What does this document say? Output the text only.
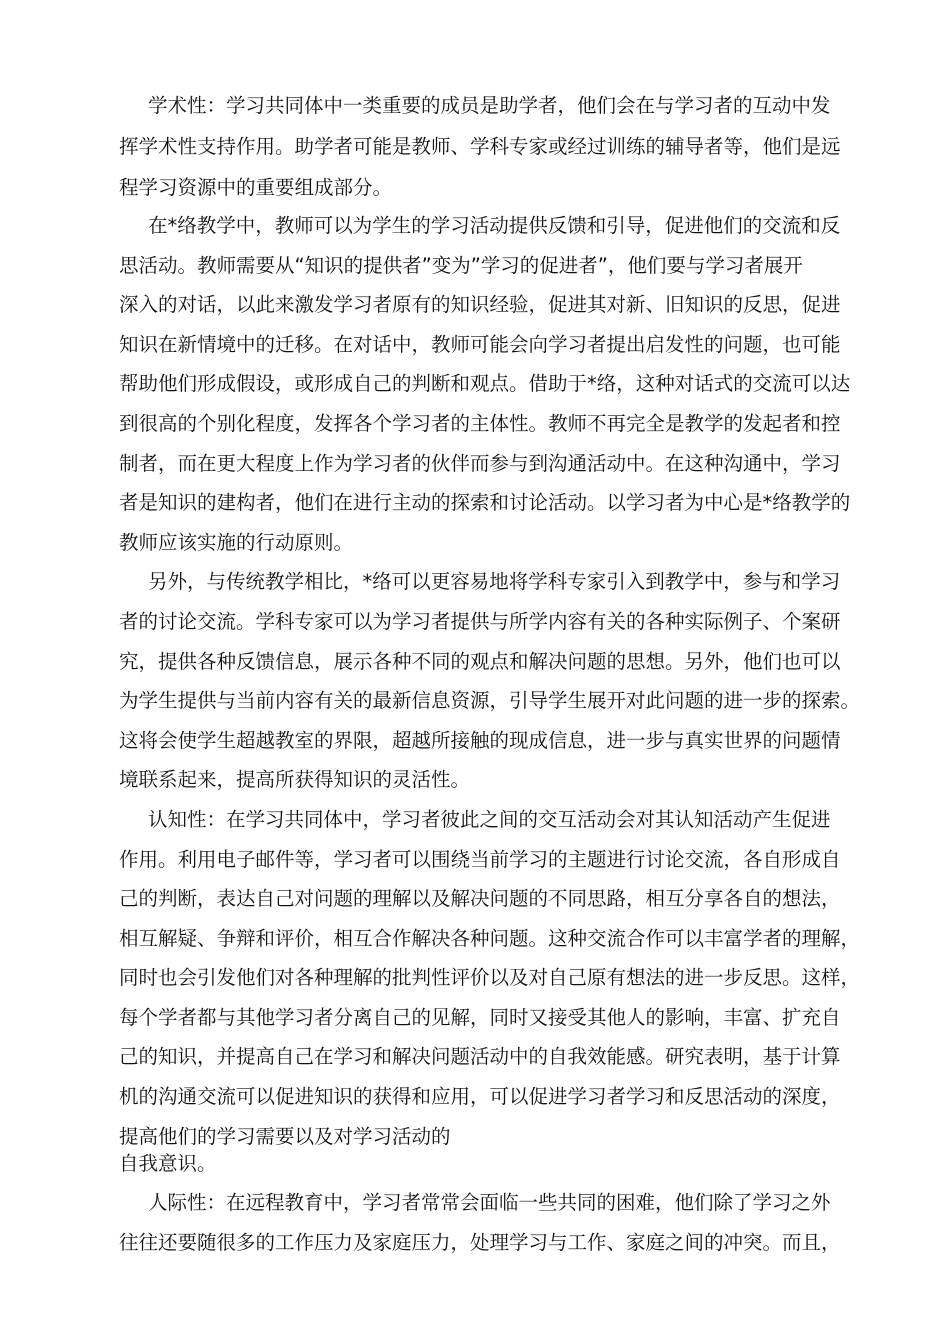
学术性：学习共同体中一类重要的成员是助学者，他们会在与学习者的互动中发
挥学术性支持作用。助学者可能是教师、学科专家或经过训练的辅导者等，他们是远
程学习资源中的重要组成部分。
在*络教学中，教师可以为学生的学习活动提供反馈和引导，促进他们的交流和反
思活动。教师需要从“知识的提供者”变为”学习的促进者”，他们要与学习者展开
深入的对话，以此来激发学习者原有的知识经验，促进其对新、旧知识的反思，促进
知识在新情境中的迁移。在对话中，教师可能会向学习者提出启发性的问题，也可能
帮助他们形成假设，或形成自己的判断和观点。借助于*络，这种对话式的交流可以达
到很高的个别化程度，发挥各个学习者的主体性。教师不再完全是教学的发起者和控
制者，而在更大程度上作为学习者的伙伴而参与到沟通活动中。在这种沟通中，学习
者是知识的建构者，他们在进行主动的探索和讨论活动。以学习者为中心是*络教学的
教师应该实施的行动原则。
另外，与传统教学相比，*络可以更容易地将学科专家引入到教学中，参与和学习
者的讨论交流。学科专家可以为学习者提供与所学内容有关的各种实际例子、个案研
究，提供各种反馈信息，展示各种不同的观点和解决问题的思想。另外，他们也可以
为学生提供与当前内容有关的最新信息资源，引导学生展开对此问题的进一步的探索。
这将会使学生超越教室的界限，超越所接触的现成信息，进一步与真实世界的问题情
境联系起来，提高所获得知识的灵活性。
认知性：在学习共同体中，学习者彼此之间的交互活动会对其认知活动产生促进
作用。利用电子邮件等，学习者可以围绕当前学习的主题进行讨论交流，各自形成自
己的判断，表达自己对问题的理解以及解决问题的不同思路，相互分享各自的想法，
相互解疑、争辩和评价，相互合作解决各种问题。这种交流合作可以丰富学者的理解，
同时也会引发他们对各种理解的批判性评价以及对自己原有想法的进一步反思。这样，
每个学者都与其他学习者分离自己的见解，同时又接受其他人的影响，丰富、扩充自
己的知识，并提高自己在学习和解决问题活动中的自我效能感。研究表明，基于计算
机的沟通交流可以促进知识的获得和应用，可以促进学习者学习和反思活动的深度，
提高他们的学习需要以及对学习活动的
自我意识。
人际性：在远程教育中，学习者常常会面临一些共同的困难，他们除了学习之外
往往还要随很多的工作压力及家庭压力，处理学习与工作、家庭之间的冲突。而且，
